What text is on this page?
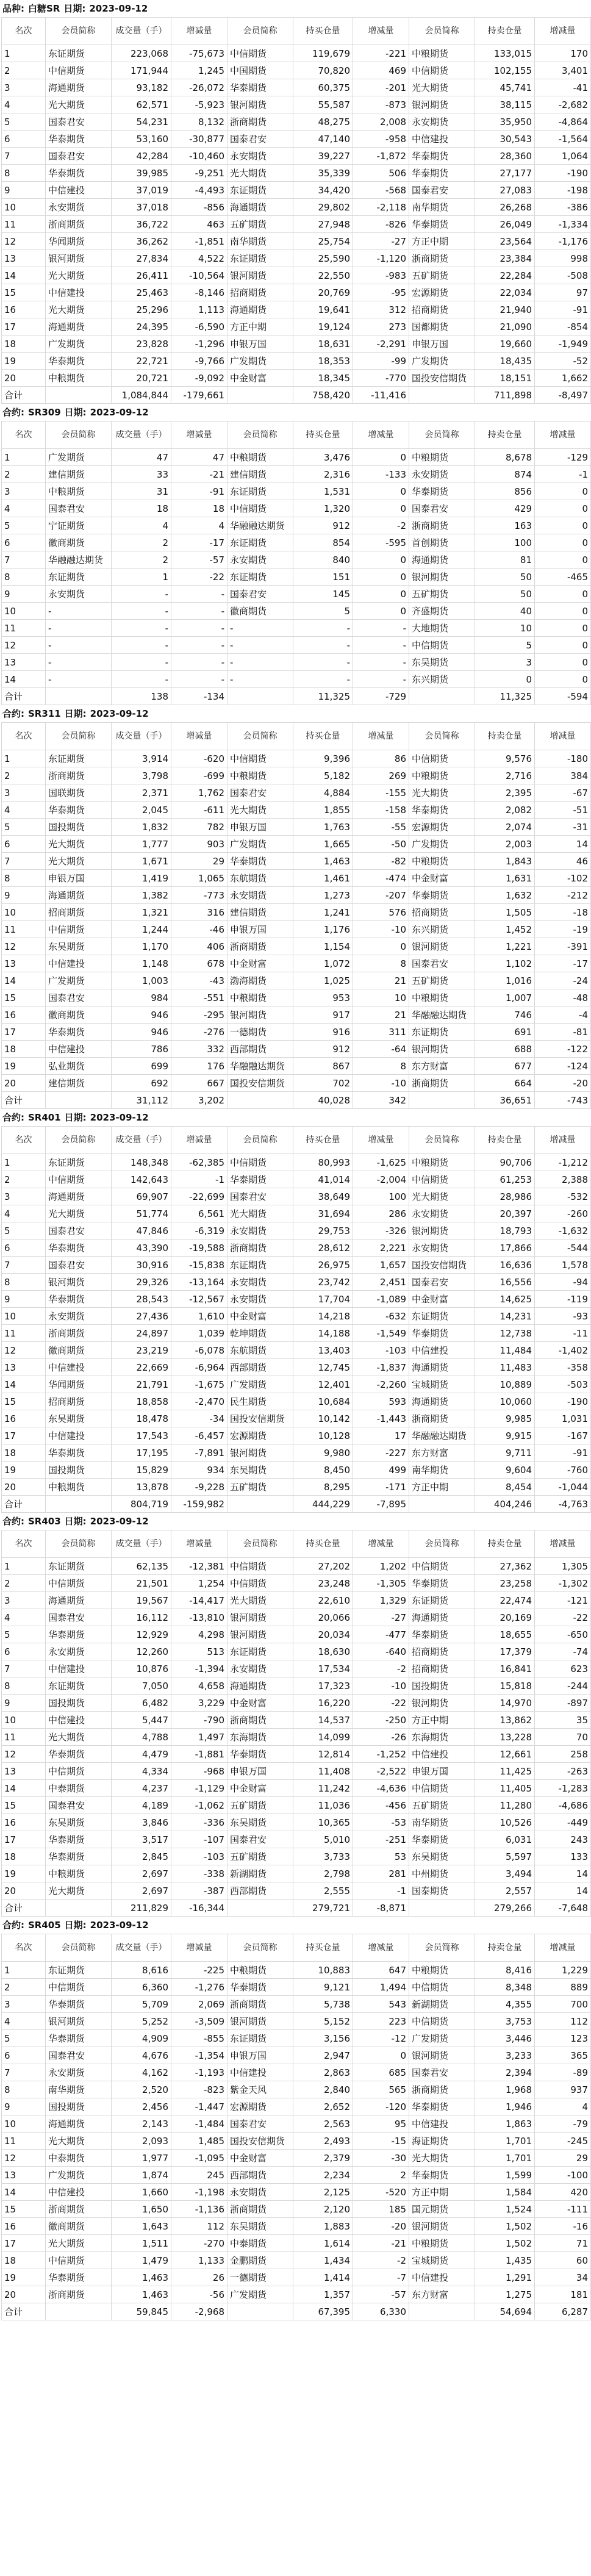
品种: 白糖SR 日期: 2023-09-12
名次	会员简称	成交量（手）	增减量	会员简称	持买仓量	增减量	会员简称	持卖仓量	增减量
1	东证期货	223,068	-75,673	中信期货	119,679	-221	中粮期货	133,015	170
2	中信期货	171,944	1,245	中国期货	70,820	469	中信期货	102,155	3,401
3	海通期货	93,182	-26,072	华泰期货	60,375	-201	光大期货	45,741	-41
4	光大期货	62,571	-5,923	银河期货	55,587	-873	银河期货	38,115	-2,682
5	国泰君安	54,231	8,132	浙商期货	48,275	2,008	永安期货	35,950	-4,864
6	华泰期货	53,160	-30,877	国泰君安	47,140	-958	中信建投	30,543	-1,564
7	国泰君安	42,284	-10,460	永安期货	39,227	-1,872	华泰期货	28,360	1,064
8	华泰期货	39,985	-9,251	光大期货	35,339	506	华泰期货	27,177	-190
9	中信建投	37,019	-4,493	东证期货	34,420	-568	国泰君安	27,083	-198
10	永安期货	37,018	-856	海通期货	29,802	-2,118	南华期货	26,268	-386
11	浙商期货	36,722	463	五矿期货	27,948	-826	华泰期货	26,049	-1,334
12	华闻期货	36,262	-1,851	南华期货	25,754	-27	方正中期	23,564	-1,176
13	银河期货	27,834	4,522	东证期货	25,590	-1,120	浙商期货	23,384	998
14	光大期货	26,411	-10,564	银河期货	22,550	-983	五矿期货	22,284	-508
15	中信建投	25,463	-8,146	招商期货	20,769	-95	宏源期货	22,034	97
16	光大期货	25,296	1,113	海通期货	19,641	312	招商期货	21,940	-91
17	海通期货	24,395	-6,590	方正中期	19,124	273	国都期货	21,090	-854
18	广发期货	23,828	-1,296	申银万国	18,631	-2,291	申银万国	19,660	-1,949
19	华泰期货	22,721	-9,766	广发期货	18,353	-99	广发期货	18,435	-52
20	中粮期货	20,721	-9,092	中金财富	18,345	-770	国投安信期货	18,151	1,662
合计		1,084,844	-179,661		758,420	-11,416		711,898	-8,497
合约: SR309 日期: 2023-09-12
名次	会员简称	成交量（手）	增减量	会员简称	持买仓量	增减量	会员简称	持卖仓量	增减量
1	广发期货	47	47	中粮期货	3,476	0	中粮期货	8,678	-129
2	建信期货	33	-21	建信期货	2,316	-133	永安期货	874	-1
3	中粮期货	31	-91	东证期货	1,531	0	华泰期货	856	0
4	国泰君安	18	18	中信期货	1,320	0	国泰君安	429	0
5	宁证期货	4	4	华融融达期货	912	-2	浙商期货	163	0
6	徽商期货	2	-17	东证期货	854	-595	首创期货	100	0
7	华融融达期货	2	-57	永安期货	840	0	海通期货	81	0
8	东证期货	1	-22	东证期货	151	0	银河期货	50	-465
9	永安期货	-	-	国泰君安	145	0	五矿期货	50	0
10	-	-	-	徽商期货	5	0	齐盛期货	40	0
11	-	-	-	-	-	-	大地期货	10	0
12	-	-	-	-	-	-	中信期货	5	0
13	-	-	-	-	-	-	东吴期货	3	0
14	-	-	-	-	-	-	东兴期货	0	0
合计		138	-134		11,325	-729		11,325	-594
合约: SR311 日期: 2023-09-12
名次	会员简称	成交量（手）	增减量	会员简称	持买仓量	增减量	会员简称	持卖仓量	增减量
1	东证期货	3,914	-620	中信期货	9,396	86	中信期货	9,576	-180
2	浙商期货	3,798	-699	中粮期货	5,182	269	中粮期货	2,716	384
3	国联期货	2,371	1,762	国泰君安	4,884	-155	光大期货	2,395	-67
4	华泰期货	2,045	-611	光大期货	1,855	-158	华泰期货	2,082	-51
5	国投期货	1,832	782	申银万国	1,763	-55	宏源期货	2,074	-31
6	光大期货	1,777	903	广发期货	1,665	-50	广发期货	2,003	14
7	光大期货	1,671	29	华泰期货	1,463	-82	中粮期货	1,843	46
8	申银万国	1,419	1,065	东航期货	1,461	-474	中金财富	1,631	-102
9	海通期货	1,382	-773	永安期货	1,273	-207	华泰期货	1,632	-212
10	招商期货	1,321	316	建信期货	1,241	576	招商期货	1,505	-18
11	中信期货	1,244	-46	申银万国	1,176	-10	东兴期货	1,452	-19
12	东吴期货	1,170	406	浙商期货	1,154	0	银河期货	1,221	-391
13	中信建投	1,148	678	中金财富	1,072	8	国泰君安	1,102	-17
14	广发期货	1,003	-43	渤海期货	1,025	21	五矿期货	1,016	-24
15	国泰君安	984	-551	中粮期货	953	10	中粮期货	1,007	-48
16	徽商期货	946	-295	银河期货	917	21	华融融达期货	746	-4
17	华泰期货	946	-276	一德期货	916	311	东证期货	691	-81
18	中信建投	786	332	西部期货	912	-64	银河期货	688	-122
19	弘业期货	699	176	华融融达期货	867	8	东方财富	677	-124
20	建信期货	692	667	国投安信期货	702	-10	浙商期货	664	-20
合计		31,112	3,202		40,028	342		36,651	-743
合约: SR401 日期: 2023-09-12
名次	会员简称	成交量（手）	增减量	会员简称	持买仓量	增减量	会员简称	持卖仓量	增减量
1	东证期货	148,348	-62,385	中信期货	80,993	-1,625	中粮期货	90,706	-1,212
2	中信期货	142,643	-1	华泰期货	41,014	-2,004	中信期货	61,253	2,388
3	海通期货	69,907	-22,699	国泰君安	38,649	100	光大期货	28,986	-532
4	光大期货	51,774	6,561	光大期货	31,694	286	永安期货	20,397	-260
5	国泰君安	47,846	-6,319	永安期货	29,753	-326	银河期货	18,793	-1,632
6	华泰期货	43,390	-19,588	浙商期货	28,612	2,221	永安期货	17,866	-544
7	国泰君安	30,916	-15,838	东证期货	26,975	1,657	国投安信期货	16,636	1,578
8	银河期货	29,326	-13,164	永安期货	23,742	2,451	国泰君安	16,556	-94
9	华泰期货	28,543	-12,567	永安期货	17,704	-1,089	中金财富	14,625	-119
10	永安期货	27,436	1,610	中金财富	14,218	-632	东证期货	14,231	-93
11	浙商期货	24,897	1,039	乾坤期货	14,188	-1,549	华泰期货	12,738	-11
12	徽商期货	23,219	-6,078	东航期货	13,403	-103	中信建投	11,484	-1,402
13	中信建投	22,669	-6,964	西部期货	12,745	-1,837	海通期货	11,483	-358
14	华闻期货	21,791	-1,675	广发期货	12,401	-2,260	宝城期货	10,889	-503
15	招商期货	18,858	-2,470	民生期货	10,684	593	海通期货	10,060	-190
16	东吴期货	18,478	-34	国投安信期货	10,142	-1,443	浙商期货	9,985	1,031
17	中信建投	17,543	-6,457	宏源期货	10,128	17	华融融达期货	9,915	-167
18	华泰期货	17,195	-7,891	银河期货	9,980	-227	东方财富	9,711	-91
19	国投期货	15,829	934	东吴期货	8,450	499	南华期货	9,604	-760
20	中粮期货	13,878	-9,228	五矿期货	8,295	-171	方正中期	8,454	-1,044
合计		804,719	-159,982		444,229	-7,895		404,246	-4,763
合约: SR403 日期: 2023-09-12
名次	会员简称	成交量（手）	增减量	会员简称	持买仓量	增减量	会员简称	持卖仓量	增减量
1	东证期货	62,135	-12,381	中信期货	27,202	1,202	中信期货	27,362	1,305
2	中信期货	21,501	1,254	中信期货	23,248	-1,305	华泰期货	23,258	-1,302
3	海通期货	19,567	-14,417	光大期货	22,610	1,329	东证期货	22,474	-121
4	国泰君安	16,112	-13,810	银河期货	20,066	-27	海通期货	20,169	-22
5	华泰期货	12,929	4,298	银河期货	20,034	-477	华泰期货	18,655	-650
6	永安期货	12,260	513	东证期货	18,630	-640	招商期货	17,379	-74
7	中信建投	10,876	-1,394	永安期货	17,534	-2	招商期货	16,841	623
8	东证期货	7,050	4,658	海通期货	17,323	-10	国投期货	15,818	-244
9	国投期货	6,482	3,229	中金财富	16,220	-22	银河期货	14,970	-897
10	中信建投	5,447	-790	浙商期货	14,537	-250	方正中期	13,862	35
11	光大期货	4,788	1,497	东海期货	14,099	-26	东海期货	13,228	70
12	华泰期货	4,479	-1,881	华泰期货	12,814	-1,252	中信建投	12,661	258
13	中信期货	4,334	-968	申银万国	11,408	-2,522	申银万国	11,425	-263
14	中泰期货	4,237	-1,129	中金财富	11,242	-4,636	中信期货	11,405	-1,283
15	国泰君安	4,189	-1,062	五矿期货	11,036	-456	五矿期货	11,280	-4,686
16	东吴期货	3,846	-336	东吴期货	10,365	-53	南华期货	10,526	-449
17	华泰期货	3,517	-107	国泰君安	5,010	-251	华泰期货	6,031	243
18	华泰期货	2,845	-103	五矿期货	3,733	53	东吴期货	5,597	133
19	中粮期货	2,697	-338	新湖期货	2,798	281	中州期货	3,494	14
20	光大期货	2,697	-387	西部期货	2,555	-1	国泰期货	2,557	14
合计		211,829	-16,344		279,721	-8,871		279,266	-7,648
合约: SR405 日期: 2023-09-12
名次	会员简称	成交量（手）	增减量	会员简称	持买仓量	增减量	会员简称	持卖仓量	增减量
1	东证期货	8,616	-225	中粮期货	10,883	647	中粮期货	8,416	1,229
2	中信期货	6,360	-1,276	华泰期货	9,121	1,494	中信期货	8,348	889
3	华泰期货	5,709	2,069	浙商期货	5,738	543	新湖期货	4,355	700
4	银河期货	5,252	-3,509	银河期货	5,152	223	中信期货	3,753	112
5	华泰期货	4,909	-855	东证期货	3,156	-12	广发期货	3,446	123
6	国泰君安	4,676	-1,354	申银万国	2,947	0	银河期货	3,233	365
7	永安期货	4,162	-1,193	中信建投	2,863	685	国泰君安	2,394	-89
8	南华期货	2,520	-823	紫金天风	2,840	565	浙商期货	1,968	937
9	国投期货	2,456	-1,447	宏源期货	2,652	-120	华泰期货	1,946	4
10	海通期货	2,143	-1,484	国泰君安	2,563	95	中信建投	1,863	-79
11	光大期货	2,093	1,485	国投安信期货	2,493	-15	海证期货	1,701	-245
12	中泰期货	1,977	-1,095	中金财富	2,379	-30	光大期货	1,701	29
13	广发期货	1,874	245	西部期货	2,234	2	华泰期货	1,599	-100
14	中信建投	1,660	-1,198	永安期货	2,125	-520	方正中期	1,584	420
15	浙商期货	1,650	-1,136	浙商期货	2,120	185	国元期货	1,524	-111
16	徽商期货	1,643	112	东吴期货	1,883	-20	银河期货	1,502	-16
17	光大期货	1,511	-270	中泰期货	1,614	-21	中粮期货	1,502	71
18	中信期货	1,479	1,133	金鹏期货	1,434	-2	宝城期货	1,435	60
19	华泰期货	1,463	26	一德期货	1,414	-7	中信建投	1,291	34
20	浙商期货	1,463	-56	广发期货	1,357	-57	东方财富	1,275	181
合计		59,845	-2,968		67,395	6,330		54,694	6,287
